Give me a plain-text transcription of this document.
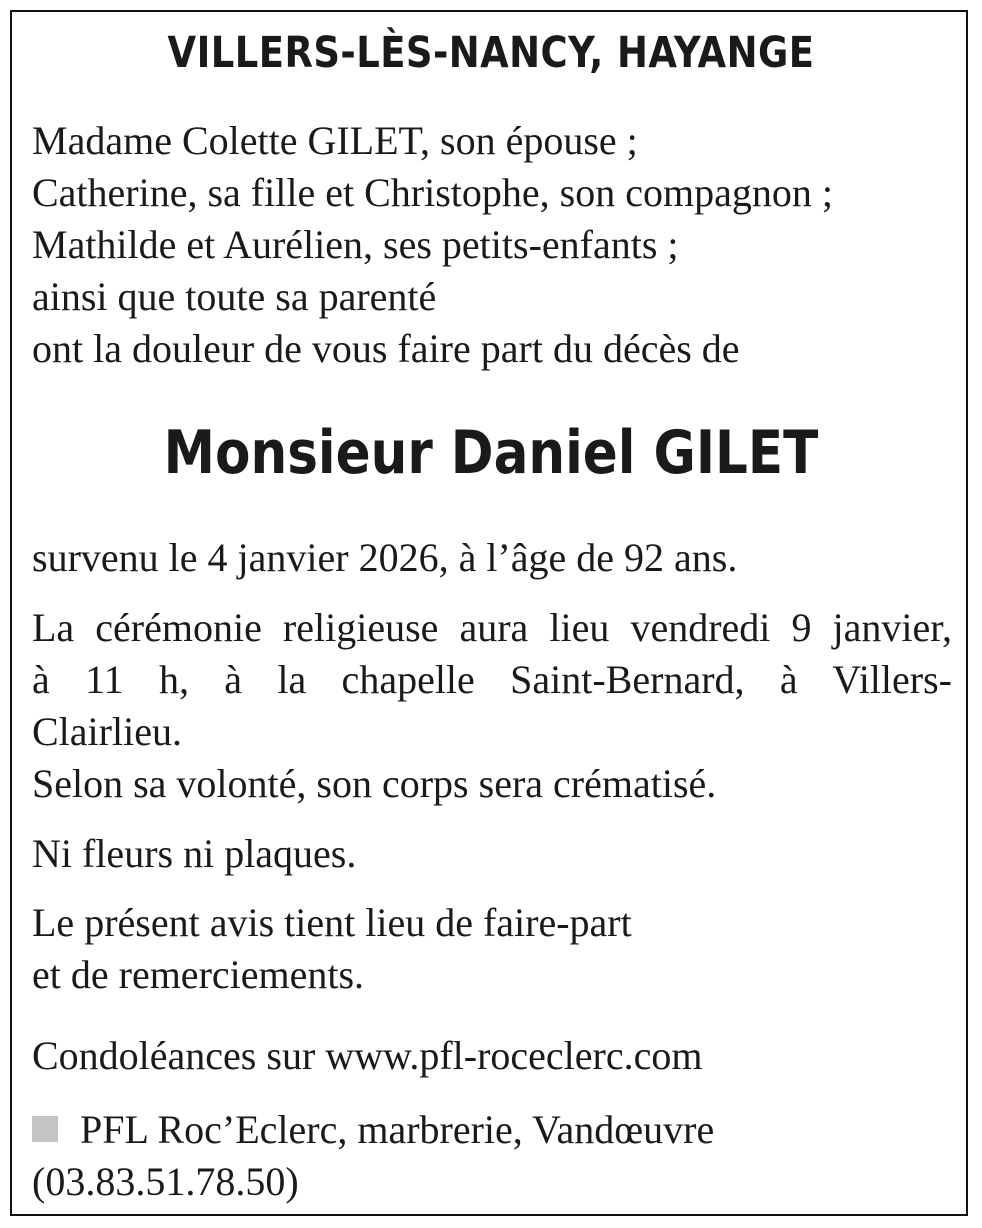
VILLERS-LÈS-NANCY, HAYANGE
Madame Colette GILET, son épouse ;
Catherine, sa fille et Christophe, son compagnon ;
Mathilde et Aurélien, ses petits-enfants ;
ainsi que toute sa parenté
ont la douleur de vous faire part du décès de
Monsieur Daniel GILET
survenu le 4 janvier 2026, à l’âge de 92 ans.
La cérémonie religieuse aura lieu vendredi 9 janvier,
à 11 h, à la chapelle Saint-Bernard, à Villers-
Clairlieu.
Selon sa volonté, son corps sera crématisé.
Ni fleurs ni plaques.
Le présent avis tient lieu de faire-part
et de remerciements.
Condoléances sur www.pfl-roceclerc.com
PFL Roc’Eclerc, marbrerie, Vandœuvre
(03.83.51.78.50)
